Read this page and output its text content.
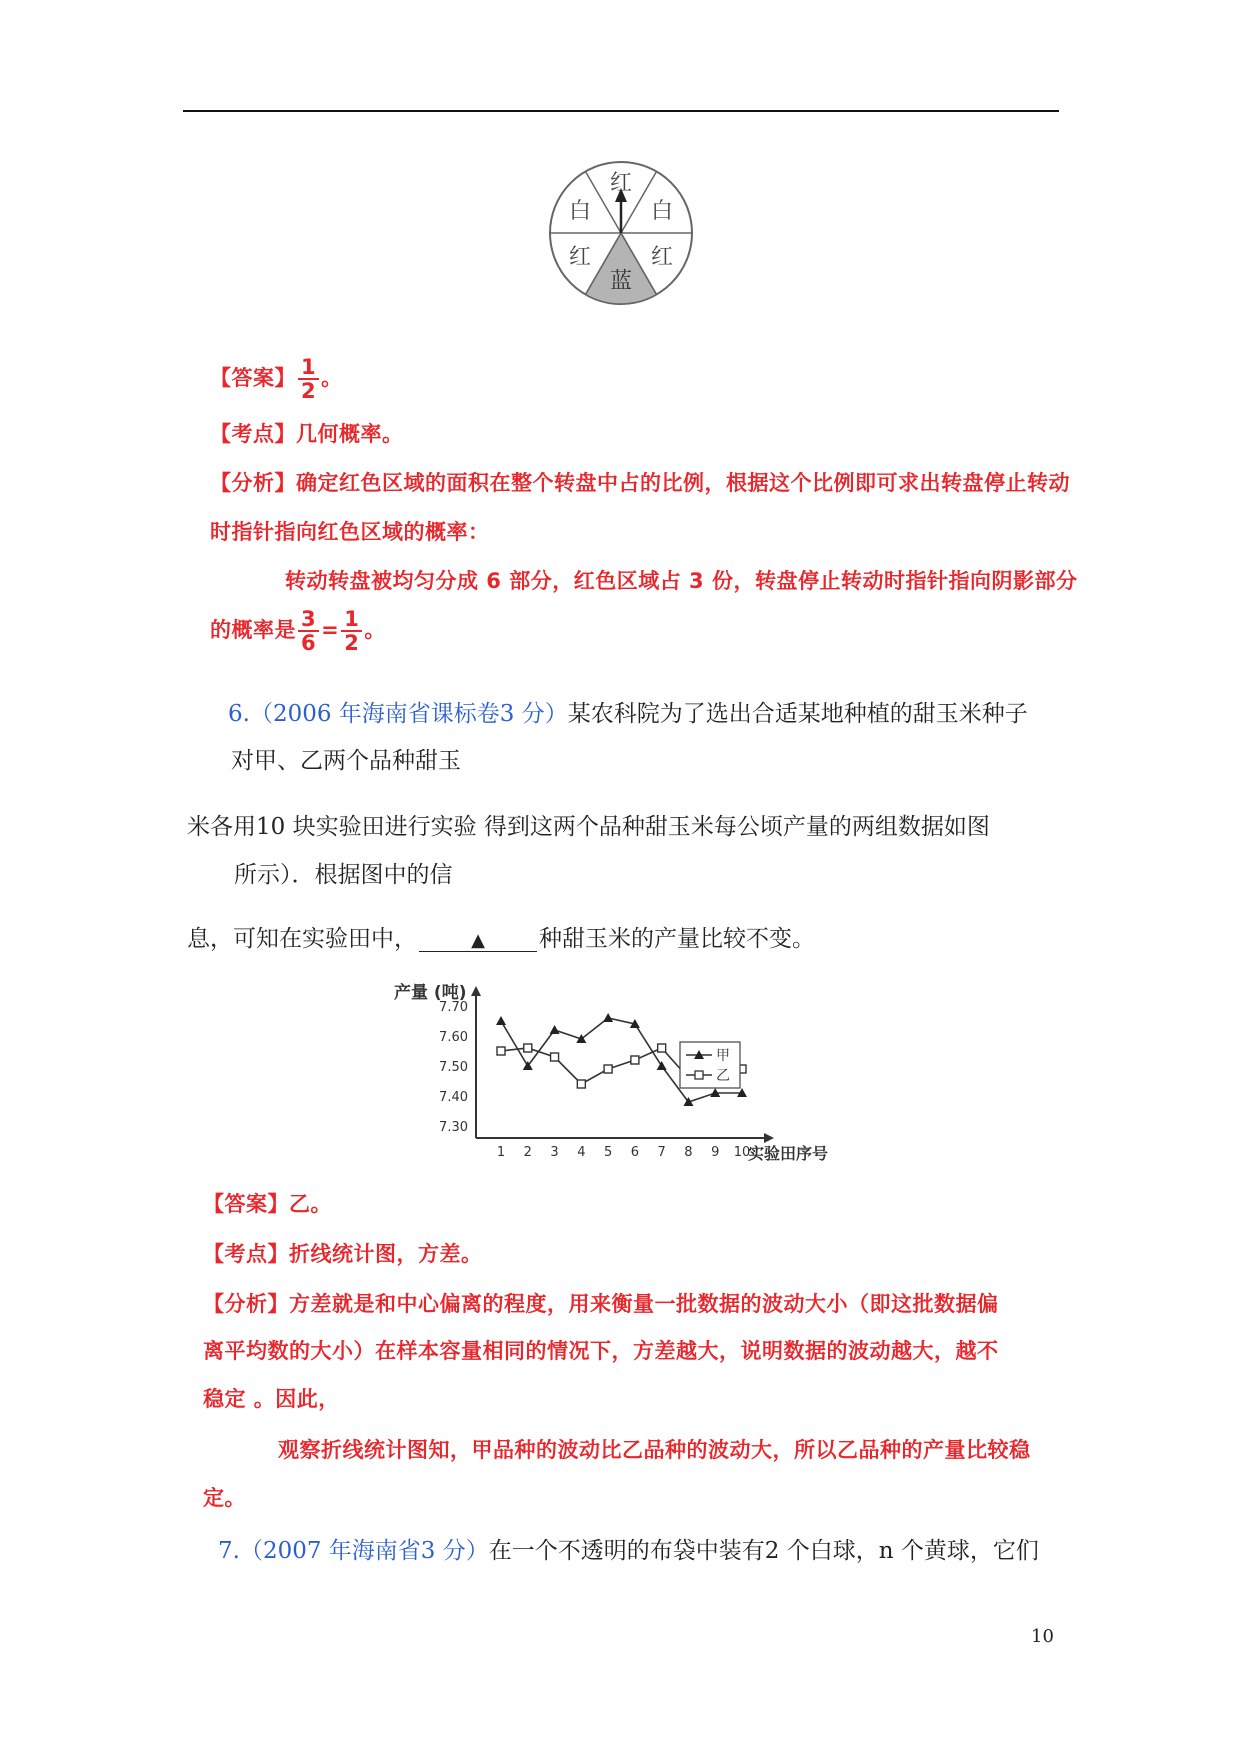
红
白	白
红	红
蓝
【答案】 $\frac{1}{2}$ 。
【考点】几何概率。
【分析】确定红色区域的面积在整个转盘中占的比例，根据这个比例即可求出转盘停止转动
时指针指向红色区域的概率：
转动转盘被均匀分成 6 部分，红色区域占 3 份，转盘停止转动时指针指向阴影部分
的概率是 $\frac{3}{6} = \frac{1}{2}$ 。
6.（2006 年海南省课标卷3 分）某农科院为了选出合适某地种植的甜玉米种子
对甲、乙两个品种甜玉
米各用10 块实验田进行实验 得到这两个品种甜玉米每公顷产量的两组数据如图
所示）．根据图中的信
息，可知在实验田中，	▲ 种甜玉米的产量比较不变。
产量 (吨)
实验田序号
7.70
7.60
7.50
7.40
7.30
1 2 3 4 5 6 7 8 9 10
甲
乙
【答案】乙。
【考点】折线统计图，方差。
【分析】方差就是和中心偏离的程度，用来衡量一批数据的波动大小（即这批数据偏
离平均数的大小）在样本容量相同的情况下，方差越大，说明数据的波动越大，越不
稳定 。因此，
观察折线统计图知，甲品种的波动比乙品种的波动大，所以乙品种的产量比较稳
定。
7.（2007 年海南省3 分）在一个不透明的布袋中装有2 个白球，n 个黄球，它们
10
